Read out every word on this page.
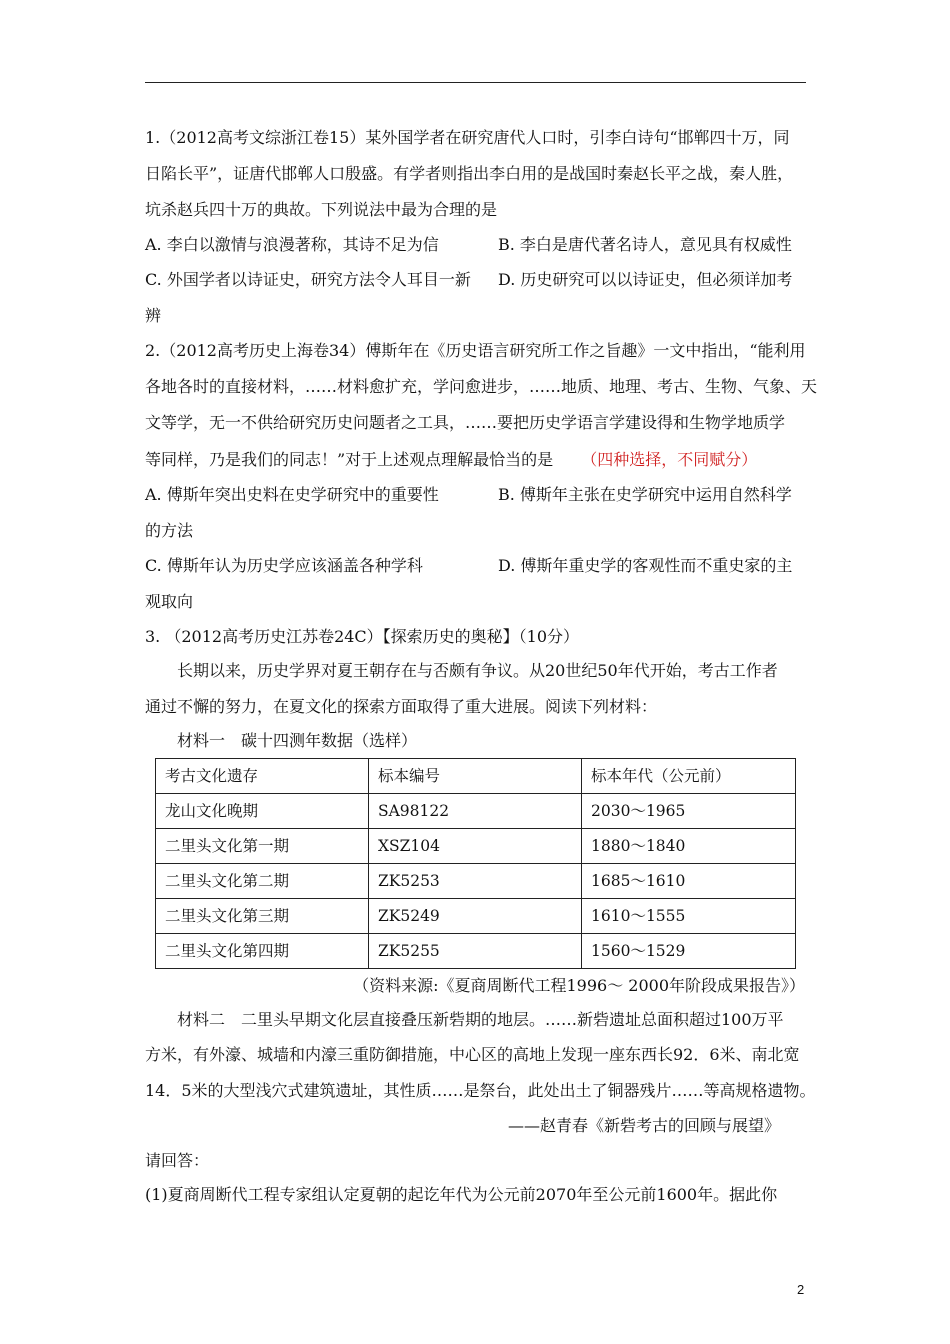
1.（2012高考文综浙江卷15）某外国学者在研究唐代人口时，引李白诗句“邯郸四十万，同
日陷长平”，证唐代邯郸人口殷盛。有学者则指出李白用的是战国时秦赵长平之战，秦人胜，
坑杀赵兵四十万的典故。下列说法中最为合理的是
A. 李白以激情与浪漫著称，其诗不足为信	B. 李白是唐代著名诗人，意见具有权威性
C. 外国学者以诗证史，研究方法令人耳目一新 D. 历史研究可以以诗证史，但必须详加考
辨
2.（2012高考历史上海卷34）傅斯年在《历史语言研究所工作之旨趣》一文中指出，“能利用
各地各时的直接材料，……材料愈扩充，学问愈进步，……地质、地理、考古、生物、气象、天
文等学，无一不供给研究历史问题者之工具，……要把历史学语言学建设得和生物学地质学
等同样，乃是我们的同志！”对于上述观点理解最恰当的是 （四种选择，不同赋分）
A. 傅斯年突出史料在史学研究中的重要性	B. 傅斯年主张在史学研究中运用自然科学
的方法
C. 傅斯年认为历史学应该涵盖各种学科	D. 傅斯年重史学的客观性而不重史家的主
观取向
3. （2012高考历史江苏卷24C）【探索历史的奥秘】（10分）
长期以来，历史学界对夏王朝存在与否颇有争议。从20世纪50年代开始，考古工作者
通过不懈的努力，在夏文化的探索方面取得了重大进展。阅读下列材料：
材料一　碳十四测年数据（选样）
考古文化遗存	标本编号	标本年代（公元前）
龙山文化晚期	SA98122	2030～1965
二里头文化第一期	XSZ104	1880～1840
二里头文化第二期	ZK5253	1685～1610
二里头文化第三期	ZK5249	1610～1555
二里头文化第四期	ZK5255	1560～1529
（资料来源:《夏商周断代工程1996～ 2000年阶段成果报告》）
材料二　二里头早期文化层直接叠压新砦期的地层。……新砦遗址总面积超过100万平
方米，有外濠、城墙和内濠三重防御措施，中心区的高地上发现一座东西长92．6米、南北宽
14．5米的大型浅穴式建筑遗址，其性质……是祭台，此处出土了铜器残片……等高规格遗物。
——赵青春《新砦考古的回顾与展望》
请回答：
(1)夏商周断代工程专家组认定夏朝的起讫年代为公元前2070年至公元前1600年。据此你
2
